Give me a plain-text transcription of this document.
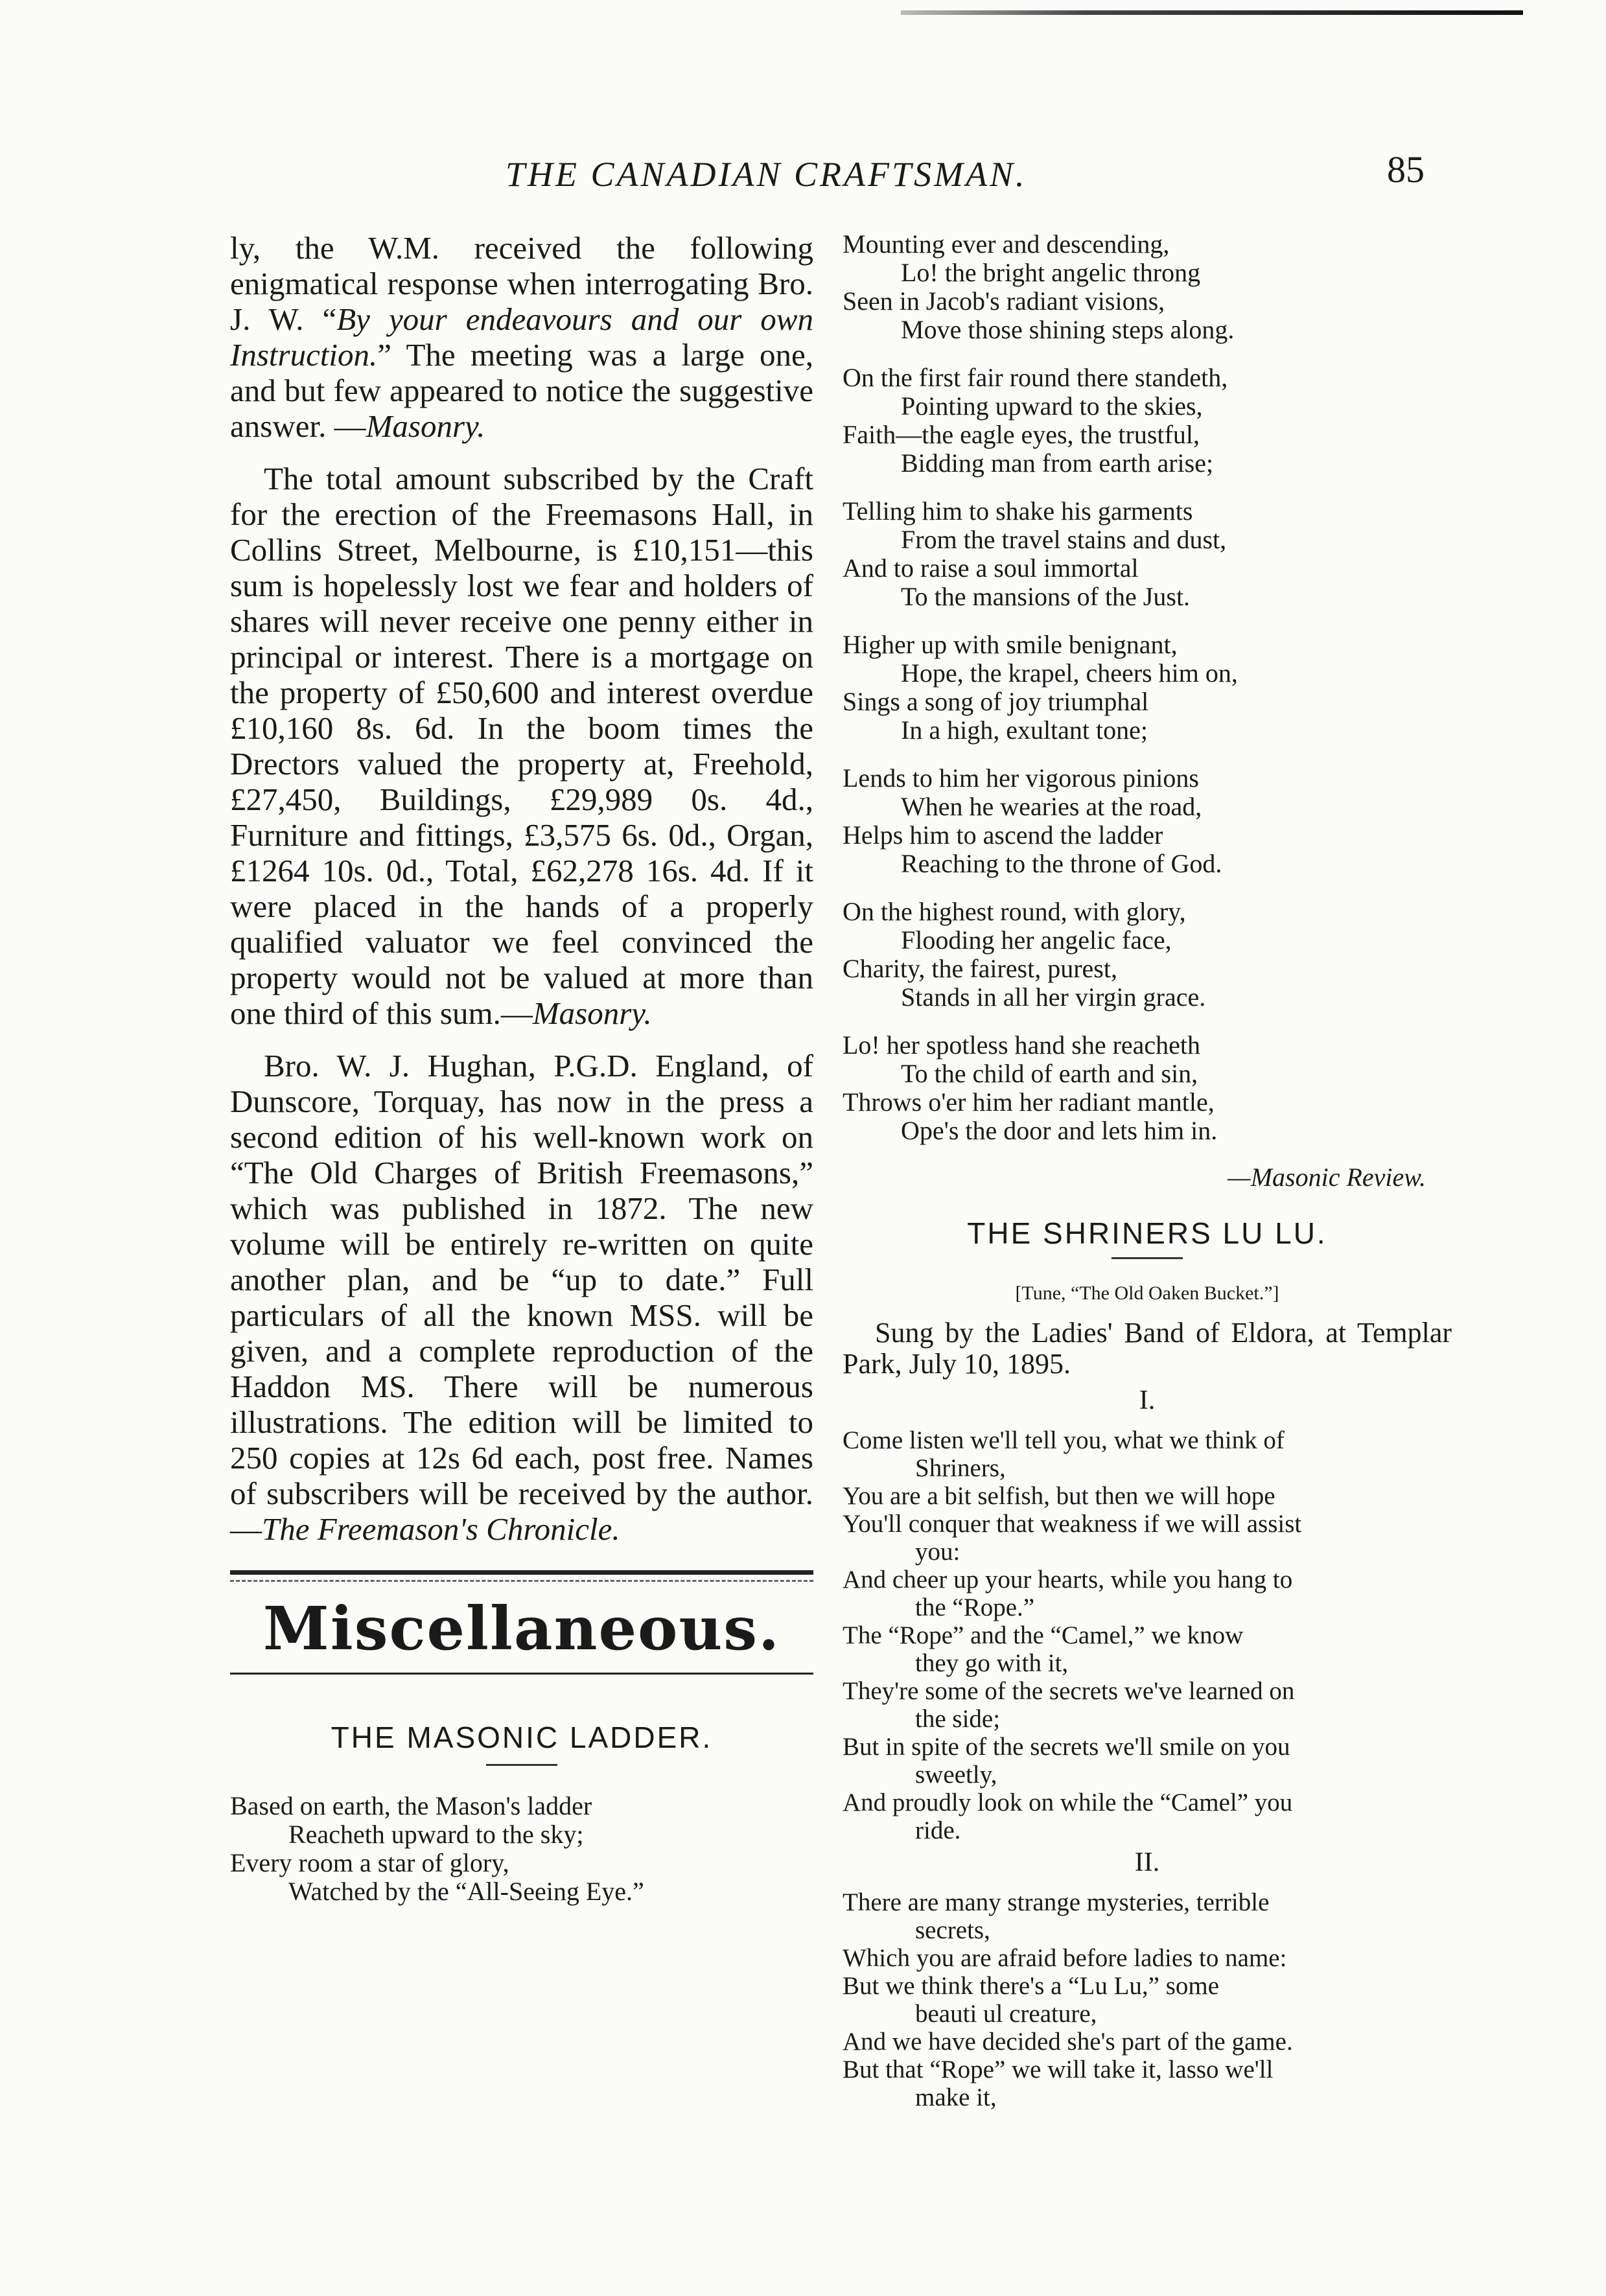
THE CANADIAN CRAFTSMAN.	85

ly, the W.M. received the following enigmatical response when interrogating Bro. J. W. “By your endeavours and our own Instruction.” The meeting was a large one, and but few appeared to notice the suggestive answer. —Masonry.

The total amount subscribed by the Craft for the erection of the Freemasons Hall, in Collins Street, Melbourne, is £10,151—this sum is hopelessly lost we fear and holders of shares will never receive one penny either in principal or interest. There is a mortgage on the property of £50,600 and interest overdue £10,160 8s. 6d. In the boom times the Drectors valued the property at, Freehold, £27,450, Buildings, £29,989 0s. 4d., Furniture and fittings, £3,575 6s. 0d., Organ, £1264 10s. 0d., Total, £62,278 16s. 4d. If it were placed in the hands of a properly qualified valuator we feel convinced the property would not be valued at more than one third of this sum.—Masonry.

Bro. W. J. Hughan, P.G.D. England, of Dunscore, Torquay, has now in the press a second edition of his well-known work on “The Old Charges of British Freemasons,” which was published in 1872. The new volume will be entirely re-written on quite another plan, and be “up to date.” Full particulars of all the known MSS. will be given, and a complete reproduction of the Haddon MS. There will be numerous illustrations. The edition will be limited to 250 copies at 12s 6d each, post free. Names of subscribers will be received by the author.—The Freemason's Chronicle.

Miscellaneous.
THE MASONIC LADDER.
Based on earth, the Mason's ladder
Reacheth upward to the sky;
Every room a star of glory,
Watched by the “All-Seeing Eye.”
Mounting ever and descending,
Lo! the bright angelic throng
Seen in Jacob's radiant visions,
Move those shining steps along.
On the first fair round there standeth,
Pointing upward to the skies,
Faith—the eagle eyes, the trustful,
Bidding man from earth arise;
Telling him to shake his garments
From the travel stains and dust,
And to raise a soul immortal
To the mansions of the Just.
Higher up with smile benignant,
Hope, the krapel, cheers him on,
Sings a song of joy triumphal
In a high, exultant tone;
Lends to him her vigorous pinions
When he wearies at the road,
Helps him to ascend the ladder
Reaching to the throne of God.
On the highest round, with glory,
Flooding her angelic face,
Charity, the fairest, purest,
Stands in all her virgin grace.
Lo! her spotless hand she reacheth
To the child of earth and sin,
Throws o'er him her radiant mantle,
Ope's the door and lets him in.
—Masonic Review.
THE SHRINERS LU LU.
[Tune, “The Old Oaken Bucket.”]

Sung by the Ladies' Band of Eldora, at Templar Park, July 10, 1895.

I.
Come listen we'll tell you, what we think of
Shriners,
You are a bit selfish, but then we will hope
You'll conquer that weakness if we will assist
you:
And cheer up your hearts, while you hang to
the “Rope.”
The “Rope” and the “Camel,” we know
they go with it,
They're some of the secrets we've learned on
the side;
But in spite of the secrets we'll smile on you
sweetly,
And proudly look on while the “Camel” you
ride.
II.
There are many strange mysteries, terrible
secrets,
Which you are afraid before ladies to name:
But we think there's a “Lu Lu,” some
beauti ul creature,
And we have decided she's part of the game.
But that “Rope” we will take it, lasso we'll
make it,
